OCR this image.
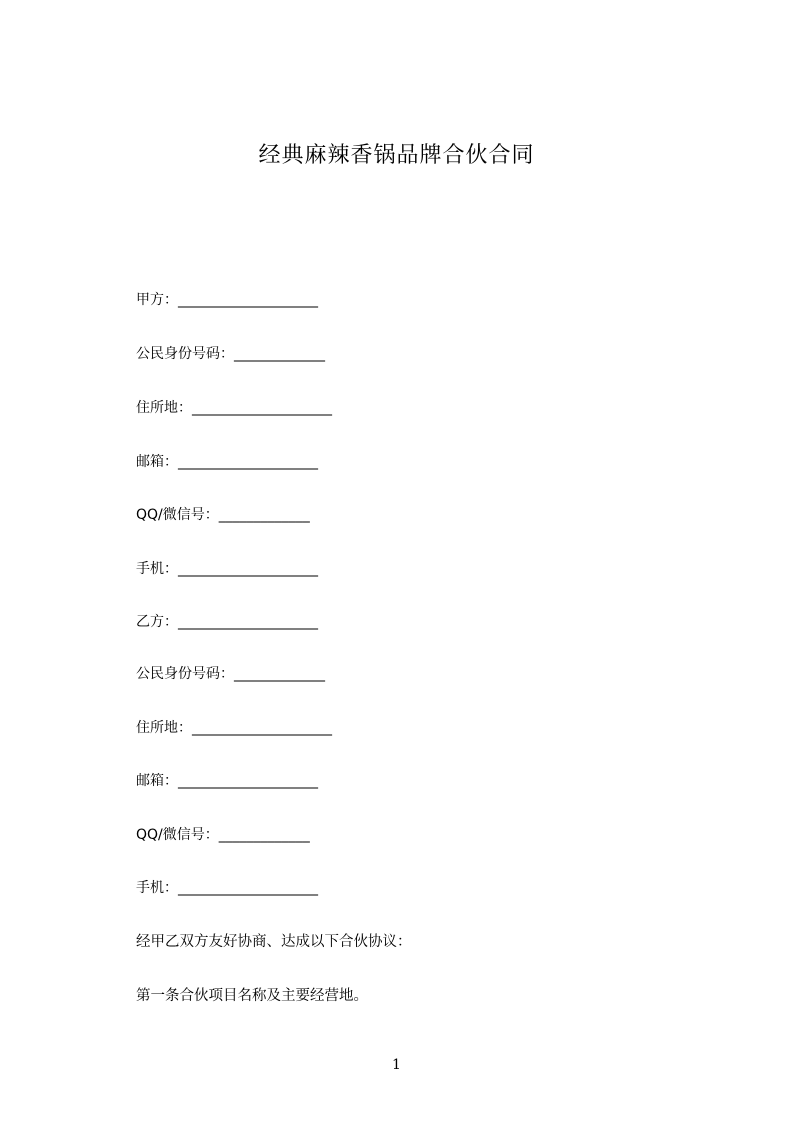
经典麻辣香锅品牌合伙合同
甲方：____________________
公民身份号码：_____________
住所地：____________________
邮箱：____________________
QQ/微信号：_____________
手机：____________________
乙方：____________________
公民身份号码：_____________
住所地：____________________
邮箱：____________________
QQ/微信号：_____________
手机：____________________
经甲乙双方友好协商、达成以下合伙协议：
第一条合伙项目名称及主要经营地。
1
